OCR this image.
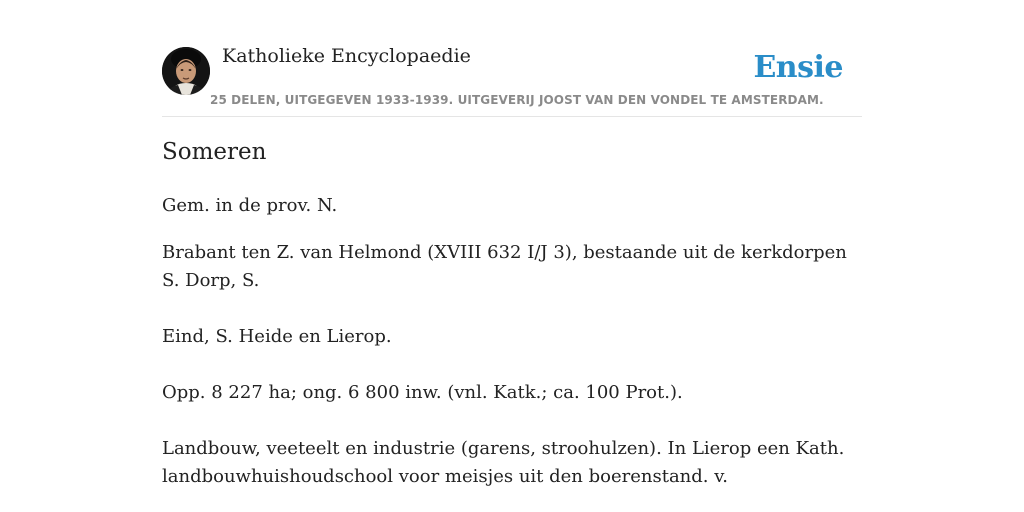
Katholieke Encyclopaedie
25 DELEN, UITGEGEVEN 1933-1939. UITGEVERIJ JOOST VAN DEN VONDEL TE AMSTERDAM.
Ensie
Someren

Gem. in de prov. N.

Brabant ten Z. van Helmond (XVIII 632 I/J 3), bestaande uit de kerkdorpen S. Dorp, S.

Eind, S. Heide en Lierop.

Opp. 8 227 ha; ong. 6 800 inw. (vnl. Katk.; ca. 100 Prot.).

Landbouw, veeteelt en industrie (garens, stroohulzen). In Lierop een Kath. landbouwhuishoudschool voor meisjes uit den boerenstand. v.
